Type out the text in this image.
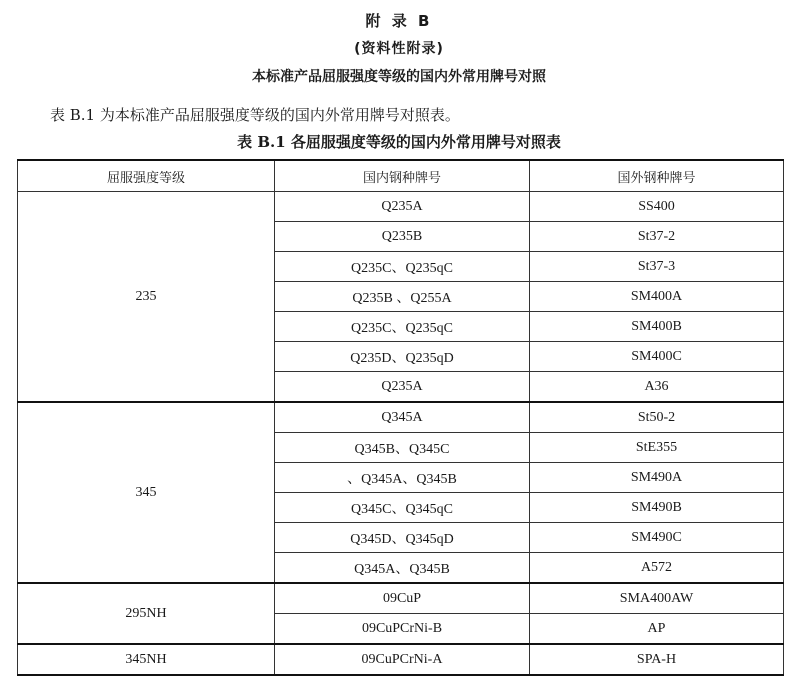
附 录 B
(资料性附录)
本标准产品屈服强度等级的国内外常用牌号对照
表 B.1 为本标准产品屈服强度等级的国内外常用牌号对照表。
表 B.1 各屈服强度等级的国内外常用牌号对照表
屈服强度等级	国内钢种牌号	国外钢种牌号
235	Q235A	SS400
	Q235B	St37-2
	Q235C、Q235qC	St37-3
	Q235B 、Q255A	SM400A
	Q235C、Q235qC	SM400B
	Q235D、Q235qD	SM400C
	Q235A	A36
345	Q345A	St50-2
	Q345B、Q345C	StE355
	、Q345A、Q345B	SM490A
	Q345C、Q345qC	SM490B
	Q345D、Q345qD	SM490C
	Q345A、Q345B	A572
295NH	09CuP	SMA400AW
	09CuPCrNi-B	AP
345NH	09CuPCrNi-A	SPA-H
